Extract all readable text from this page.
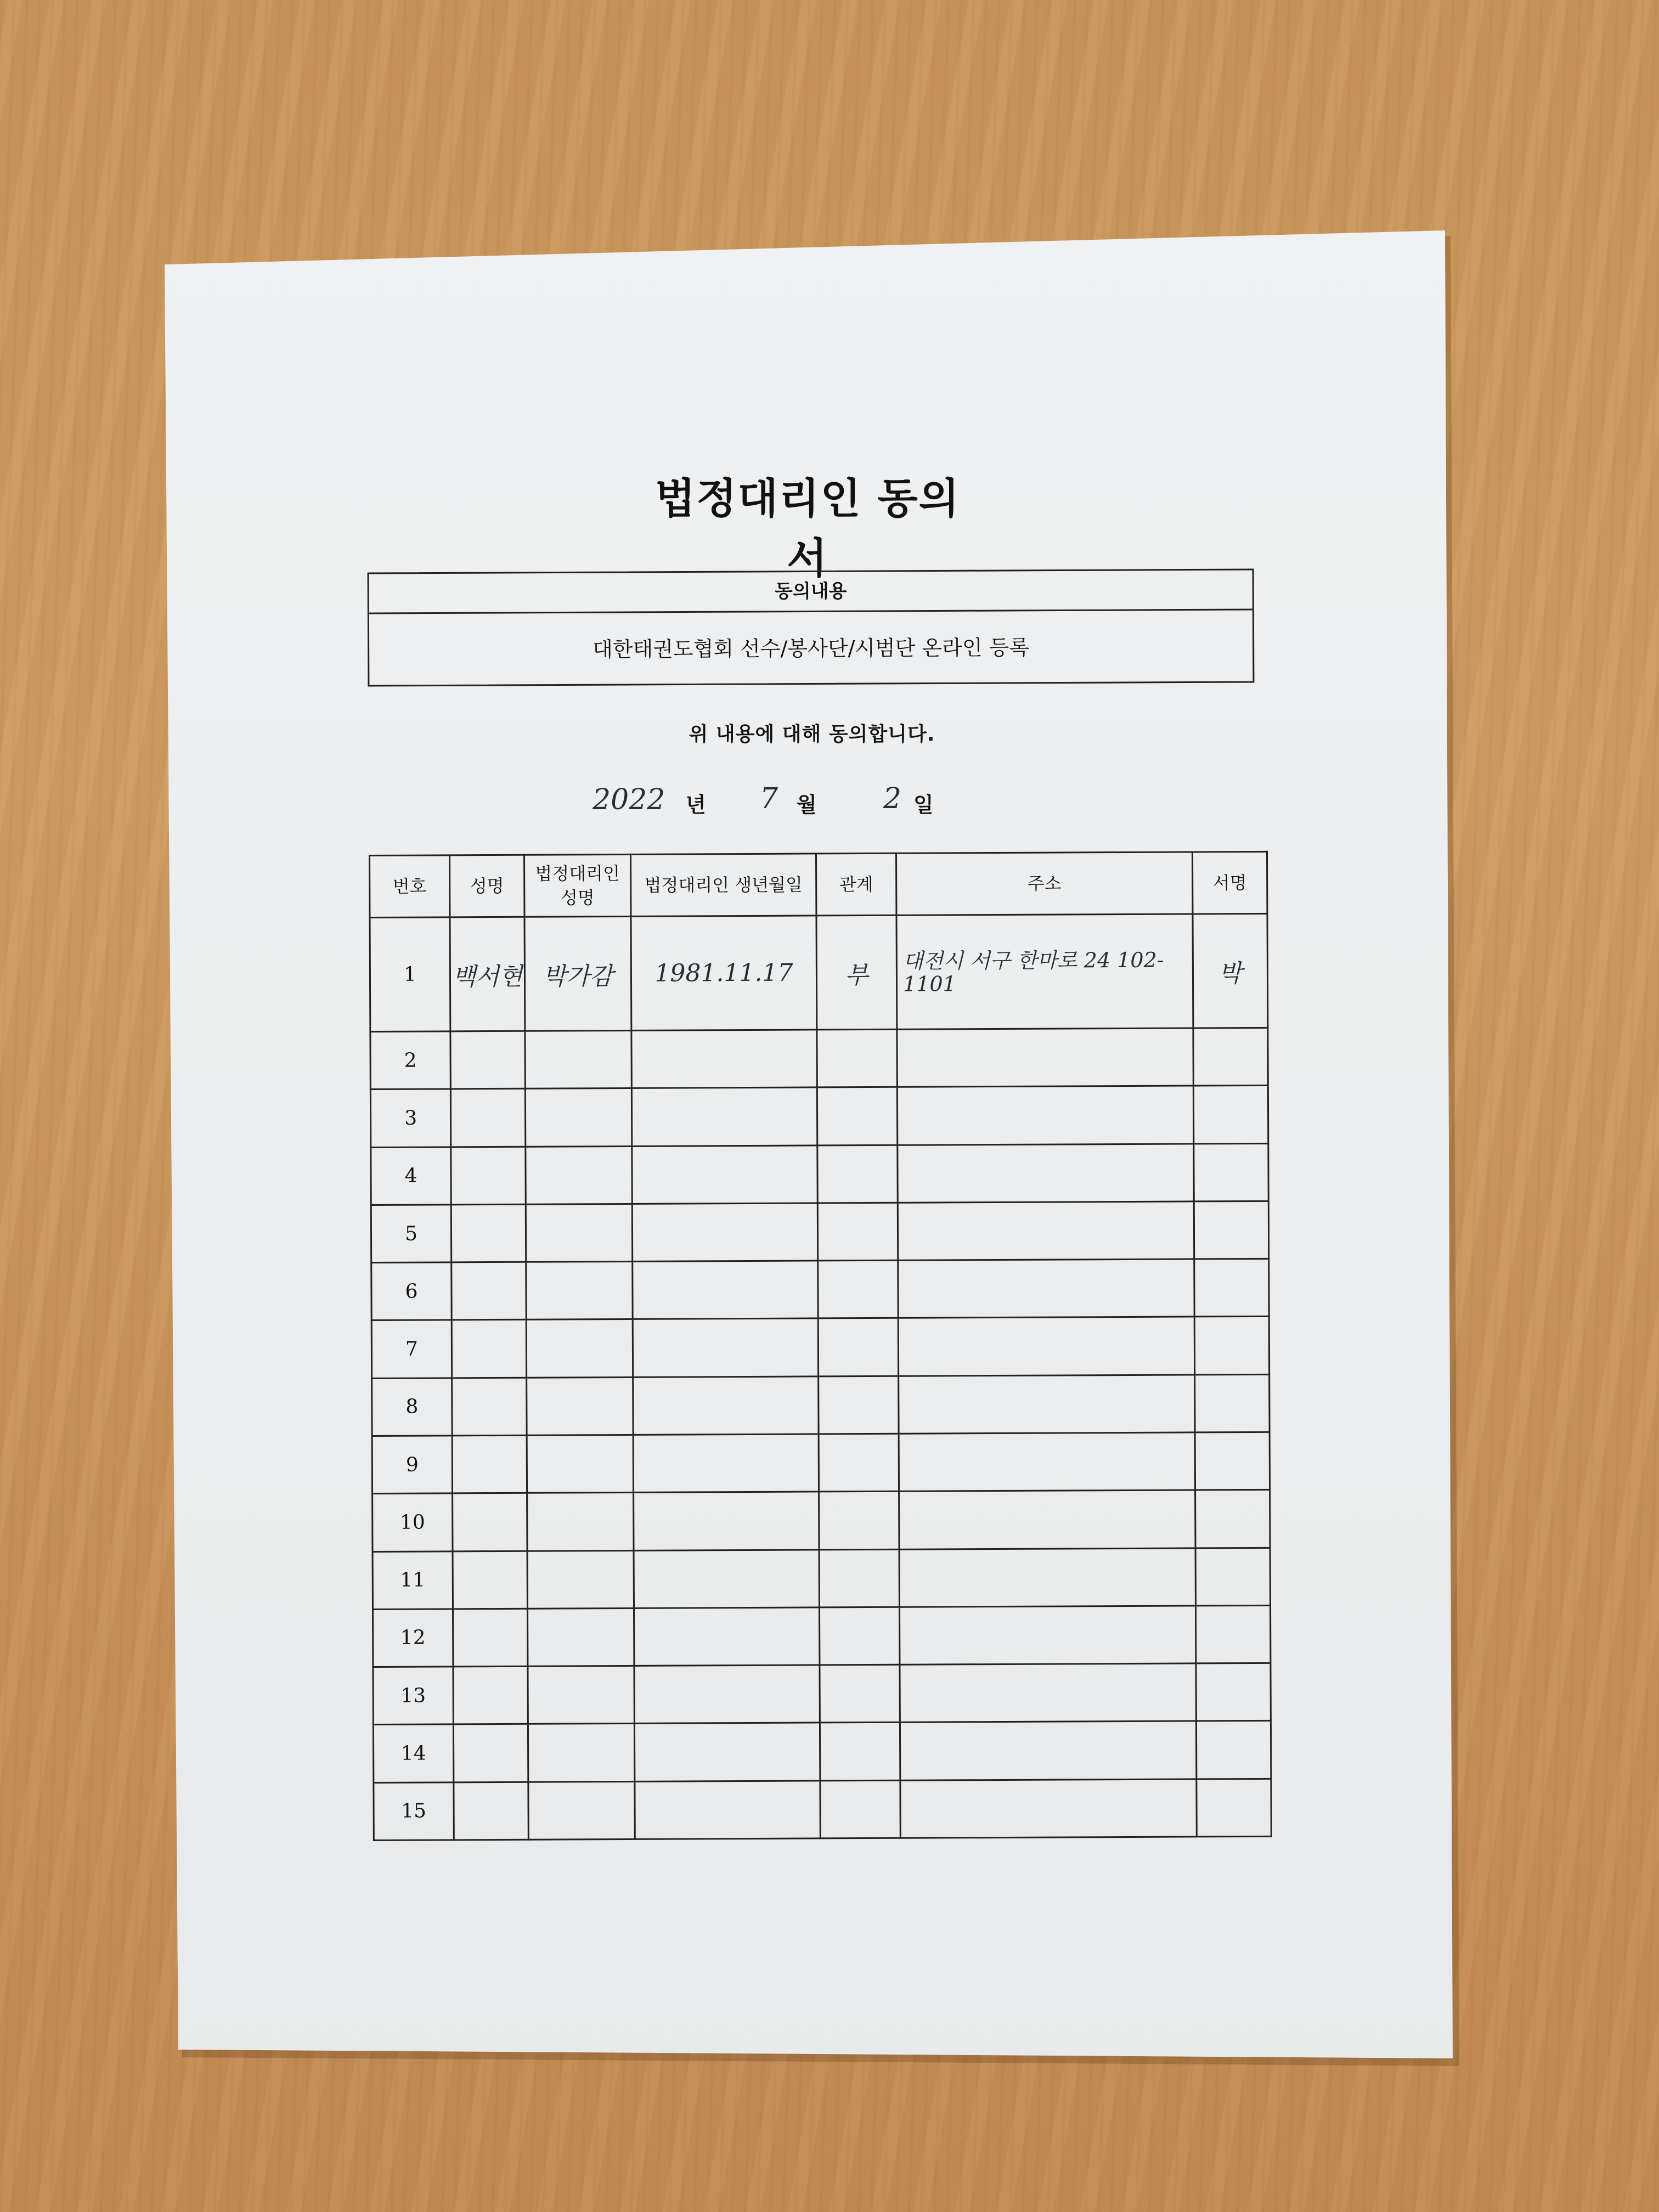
법정대리인 동의서
동의내용
대한태권도협회 선수/봉사단/시범단 온라인 등록
위 내용에 대해 동의합니다.
2022 년 7 월 2 일
번호	성명	법정대리인 성명	법정대리인 생년월일	관계	주소	서명
1	백서현	박가감	1981.11.17	부	대전시 서구 한마로 24 102-1101	박
2						
3						
4						
5						
6						
7						
8						
9						
10						
11						
12						
13						
14						
15						
